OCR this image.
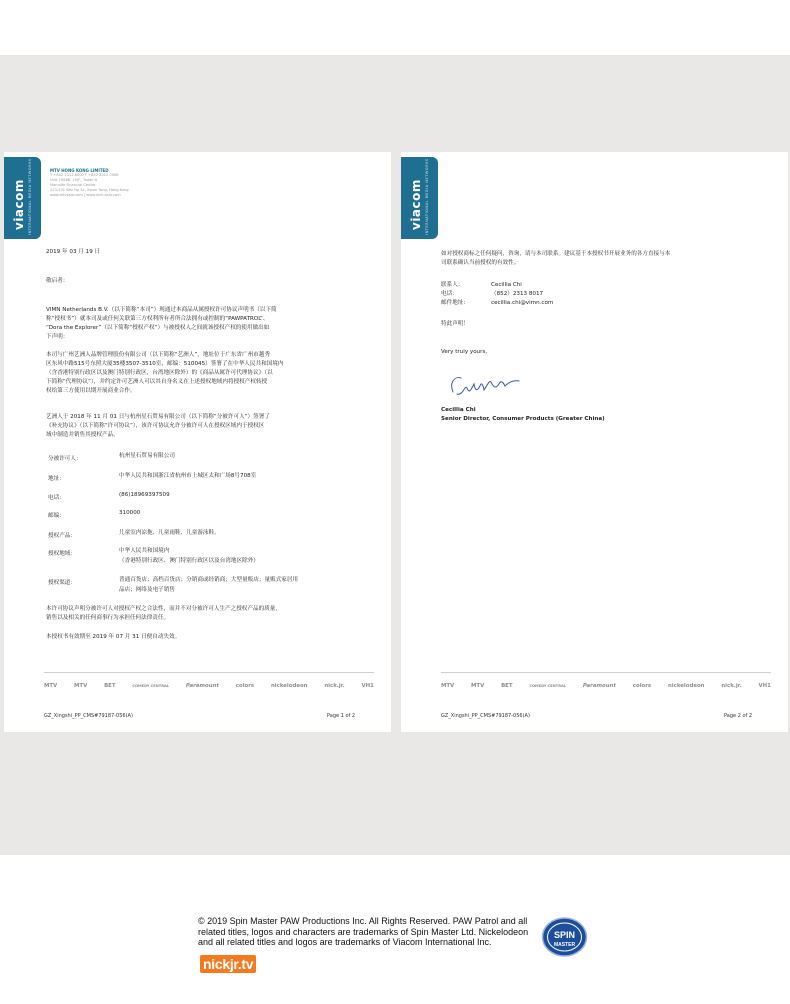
viacom INTERNATIONAL MEDIA NETWORKS	MTV HONG KONG LIMITED
T +852 2312 8000 F +852 2312 0066
Unit 1906B, 19/F., Tower A
Manulife Financial Centre
223-231 Wai Yip St., Kwun Tong, Hong Kong
www.mtvasia.com | www.nick-asia.com
2019 年 03 月 19 日
敬启者：
VIMN Netherlands B.V.（以下简称“本司”）现通过本商品从属授权许可协议声明书（以下简
称“授权书”）就本司及或任何关联第三方权利所有者所合法拥有或控制的“PAWPATROL”、
“Dora the Explorer”（以下简称“授权产权”）与被授权人之间就该授权产权的使用做出如
下声明：
本司与广州艺洲人品牌管理股份有限公司（以下简称“艺洲人”，地址位于广东省广州市越秀
区东风中路515号东照大厦35楼3507-3510室，邮编：510045）签署了在中华人民共和国境内
（含香港特别行政区以及澳门特别行政区，台湾地区除外）的《商品从属许可代理协议》（以
下简称“代理协议”），并约定许可艺洲人可以其自身名义在上述授权地域内将授权产权转授
权给第三方使用以期开展商业合作。
艺洲人于 2018 年 11 月 01 日与杭州星石贸易有限公司（以下简称“分被许可人”）签署了
《补充协议》（以下简称“许可协议”），该许可协议允许分被许可人在授权区域内于授权区
域中制造并销售其授权产品。
分被许可人：	杭州星石贸易有限公司
地址：	中华人民共和国浙江省杭州市上城区太和广场8号708室
电话：	(86)18969397509
邮编：	310000
授权产品：	儿童室内凉拖、儿童雨鞋、儿童游泳鞋。
授权地域：	中华人民共和国境内
（香港特别行政区、澳门特别行政区以及台湾地区除外）
授权渠道：	普通百货店；高档百货店；分销商或经销商；大型量贩店；量贩式家居用
品店；网络及电子销售
本许可协议声明分被许可人对授权产权之合法性，而并不对分被许可人生产之授权产品的质量，
销售以及相关的任何商事行为承担任何法律责任。
本授权书有效期至 2019 年 07 月 31 日便自动失效。
MTV	MTV	BET	COMEDY CENTRAL	Paramount	colors	nickelodeon	nick.jr.	VH1
GZ_Xingshi_PP_CMS#79187-056(A)	Page 1 of 2
viacom INTERNATIONAL MEDIA NETWORKS
如对授权商标之任何疑问，咨询，请与本司联系。建议基于本授权书开展业务的各方直接与本
司联系确认当前授权的有效性。
联系人：	Cecillia Chi
电话：	（852）2313 8017
邮件地址：	cecillia.chi@vimn.com
特此声明！
Very truly yours,
Cecillia Chi
Senior Director, Consumer Products (Greater China)
MTV	MTV	BET	COMEDY CENTRAL	Paramount	colors	nickelodeon	nick.jr.	VH1
GZ_Xingshi_PP_CMS#79187-056(A)	Page 2 of 2
© 2019 Spin Master PAW Productions Inc. All Rights Reserved. PAW Patrol and all related titles, logos and characters are trademarks of Spin Master Ltd. Nickelodeon and all related titles and logos are trademarks of Viacom International Inc.
nickjr.tv
SPIN
MASTER
